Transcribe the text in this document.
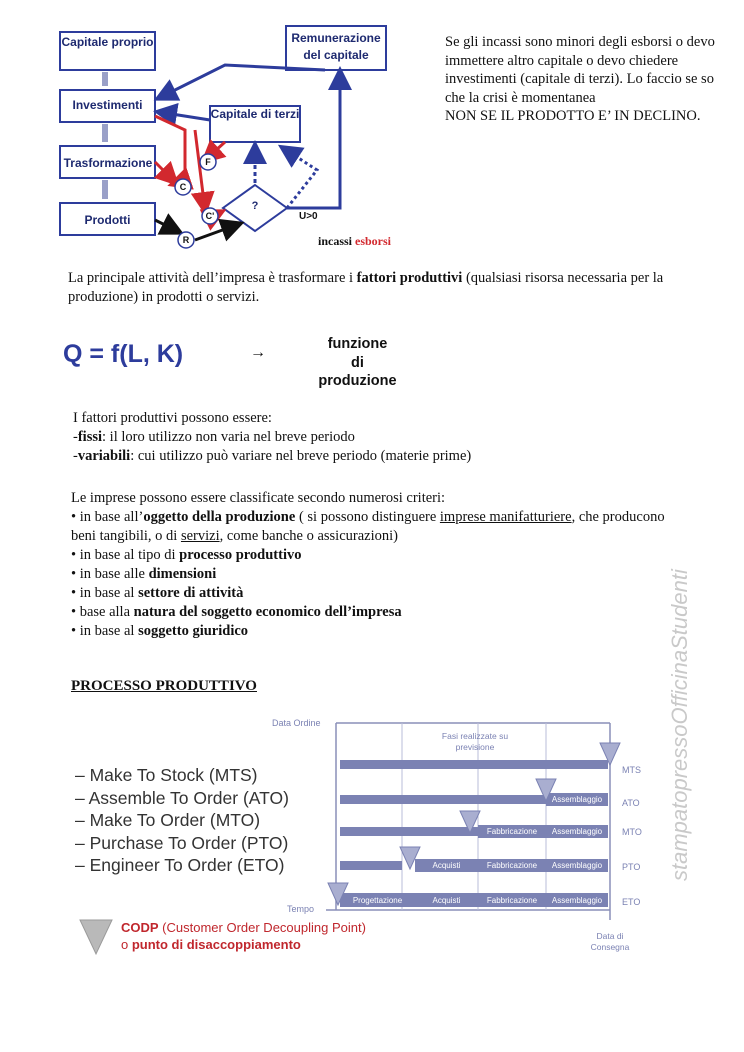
Capitale proprio
Investimenti
Trasformazione
Prodotti
Remunerazione del capitale
Capitale di terzi
?
U>0
C
F
C'
R	incassi esborsi
Se gli incassi sono minori degli esborsi o devo immettere altro capitale o devo chiedere investimenti (capitale di terzi). Lo faccio se so che la crisi è momentanea
NON SE IL PRODOTTO E’ IN DECLINO.
La principale attività dell’impresa è trasformare i fattori produttivi (qualsiasi risorsa necessaria per la produzione) in prodotti o servizi.
Q = f(L, K)	→	funzione
di
produzione
I fattori produttivi possono essere:
-fissi: il loro utilizzo non varia nel breve periodo
-variabili: cui utilizzo può variare nel breve periodo (materie prime)
Le imprese possono essere classificate secondo numerosi criteri:
• in base all’oggetto della produzione ( si possono distinguere imprese manifatturiere, che producono beni tangibili, o di servizi, come banche o assicurazioni)
• in base al tipo di processo produttivo
• in base alle dimensioni
• in base al settore di attività
• base alla natura del soggetto economico dell’impresa
• in base al soggetto giuridico
PROCESSO PRODUTTIVO
– Make To Stock (MTS)
– Assemble To Order (ATO)
– Make To Order (MTO)
– Purchase To Order (PTO)
– Engineer To Order (ETO)
Data Ordine
Tempo
Fasi realizzate su
previsione
Data di
Consegna
MTS
ATO
MTO
PTO
ETO
Assemblaggio
Fabbricazione	Assemblaggio
Acquisti	Fabbricazione	Assemblaggio
Progettazione	Acquisti	Fabbricazione	Assemblaggio
CODP (Customer Order Decoupling Point)
o punto di disaccoppiamento
stampatopressoOfficinaStudenti
